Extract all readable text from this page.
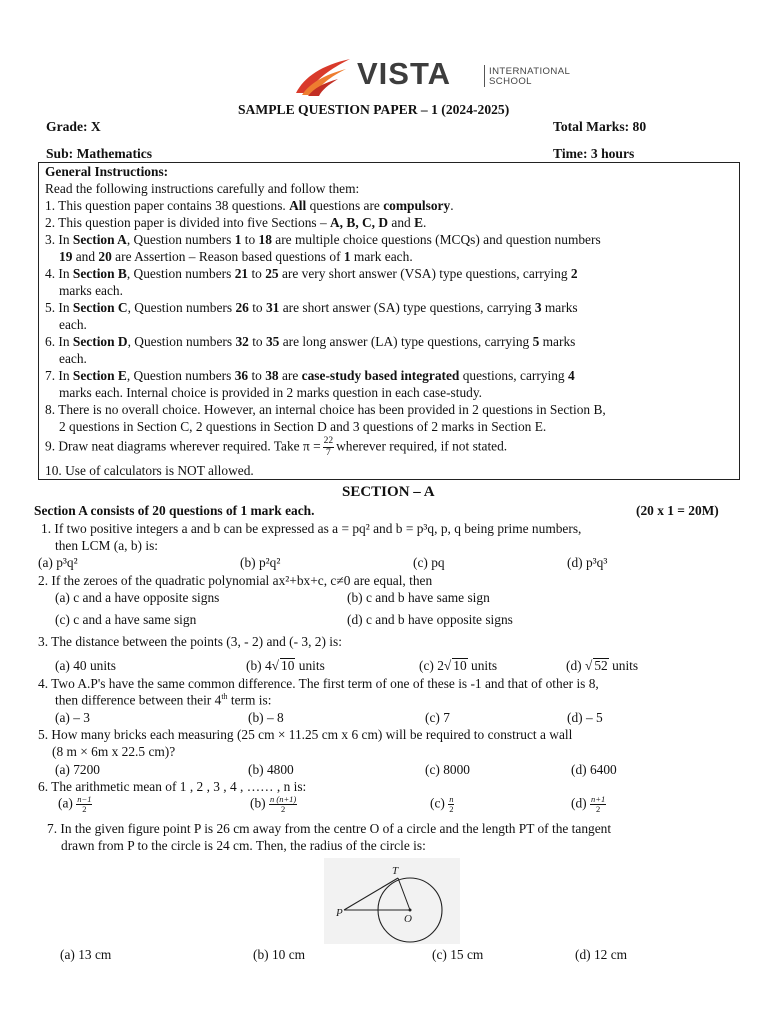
VISTA	INTERNATIONAL
SCHOOL
SAMPLE QUESTION PAPER – 1 (2024-2025)
Grade: X	Total Marks: 80
Sub: Mathematics	Time: 3 hours
General Instructions:
Read the following instructions carefully and follow them:
1. This question paper contains 38 questions. All questions are compulsory.
2. This question paper is divided into five Sections – A, B, C, D and E.
3. In Section A, Question numbers 1 to 18 are multiple choice questions (MCQs) and question numbers
19 and 20 are Assertion – Reason based questions of 1 mark each.
4. In Section B, Question numbers 21 to 25 are very short answer (VSA) type questions, carrying 2
marks each.
5. In Section C, Question numbers 26 to 31 are short answer (SA) type questions, carrying 3 marks
each.
6. In Section D, Question numbers 32 to 35 are long answer (LA) type questions, carrying 5 marks
each.
7. In Section E, Question numbers 36 to 38 are case-study based integrated questions, carrying 4
marks each. Internal choice is provided in 2 marks question in each case-study.
8. There is no overall choice. However, an internal choice has been provided in 2 questions in Section B,
2 questions in Section C, 2 questions in Section D and 3 questions of 2 marks in Section E.
9. Draw neat diagrams wherever required. Take $\pi = \frac{22}{7}$ wherever required, if not stated.
10. Use of calculators is NOT allowed.
SECTION – A
Section A consists of 20 questions of 1 mark each.	(20 x 1 = 20M)
1. If two positive integers a and b can be expressed as a = pq² and b = p³q, p, q being prime numbers,
then LCM (a, b) is:
(a) p³q²	(b) p²q²	(c) pq	(d) p³q³
2. If the zeroes of the quadratic polynomial ax²+bx+c, c≠0 are equal, then
(a) c and a have opposite signs	(b) c and b have same sign
(c) c and a have same sign	(d) c and b have opposite signs
3. The distance between the points (3, - 2) and (- 3, 2) is:
(a) 40 units	(b) 4√ 10 units	(c) 2√ 10 units	(d) √ 52 units
4. Two A.P's have the same common difference. The first term of one of these is -1 and that of other is 8,
then difference between their 4th term is:
(a) – 3	(b) – 8	(c) 7	(d) – 5
5. How many bricks each measuring (25 cm × 11.25 cm x 6 cm) will be required to construct a wall
(8 m × 6m x 22.5 cm)?
(a) 7200	(b) 4800	(c) 8000	(d) 6400
6. The arithmetic mean of 1 , 2 , 3 , 4 , …… , n is:
$(a) \frac{n-1}{2}$	$(b) \frac{n (n+1)}{2}$	$(c) \frac{n}{2}$	$(d) \frac{n+1}{2}$
7. In the given figure point P is 26 cm away from the centre O of a circle and the length PT of the tangent
drawn from P to the circle is 24 cm. Then, the radius of the circle is:
T
P	O
(a) 13 cm	(b) 10 cm	(c) 15 cm	(d) 12 cm
